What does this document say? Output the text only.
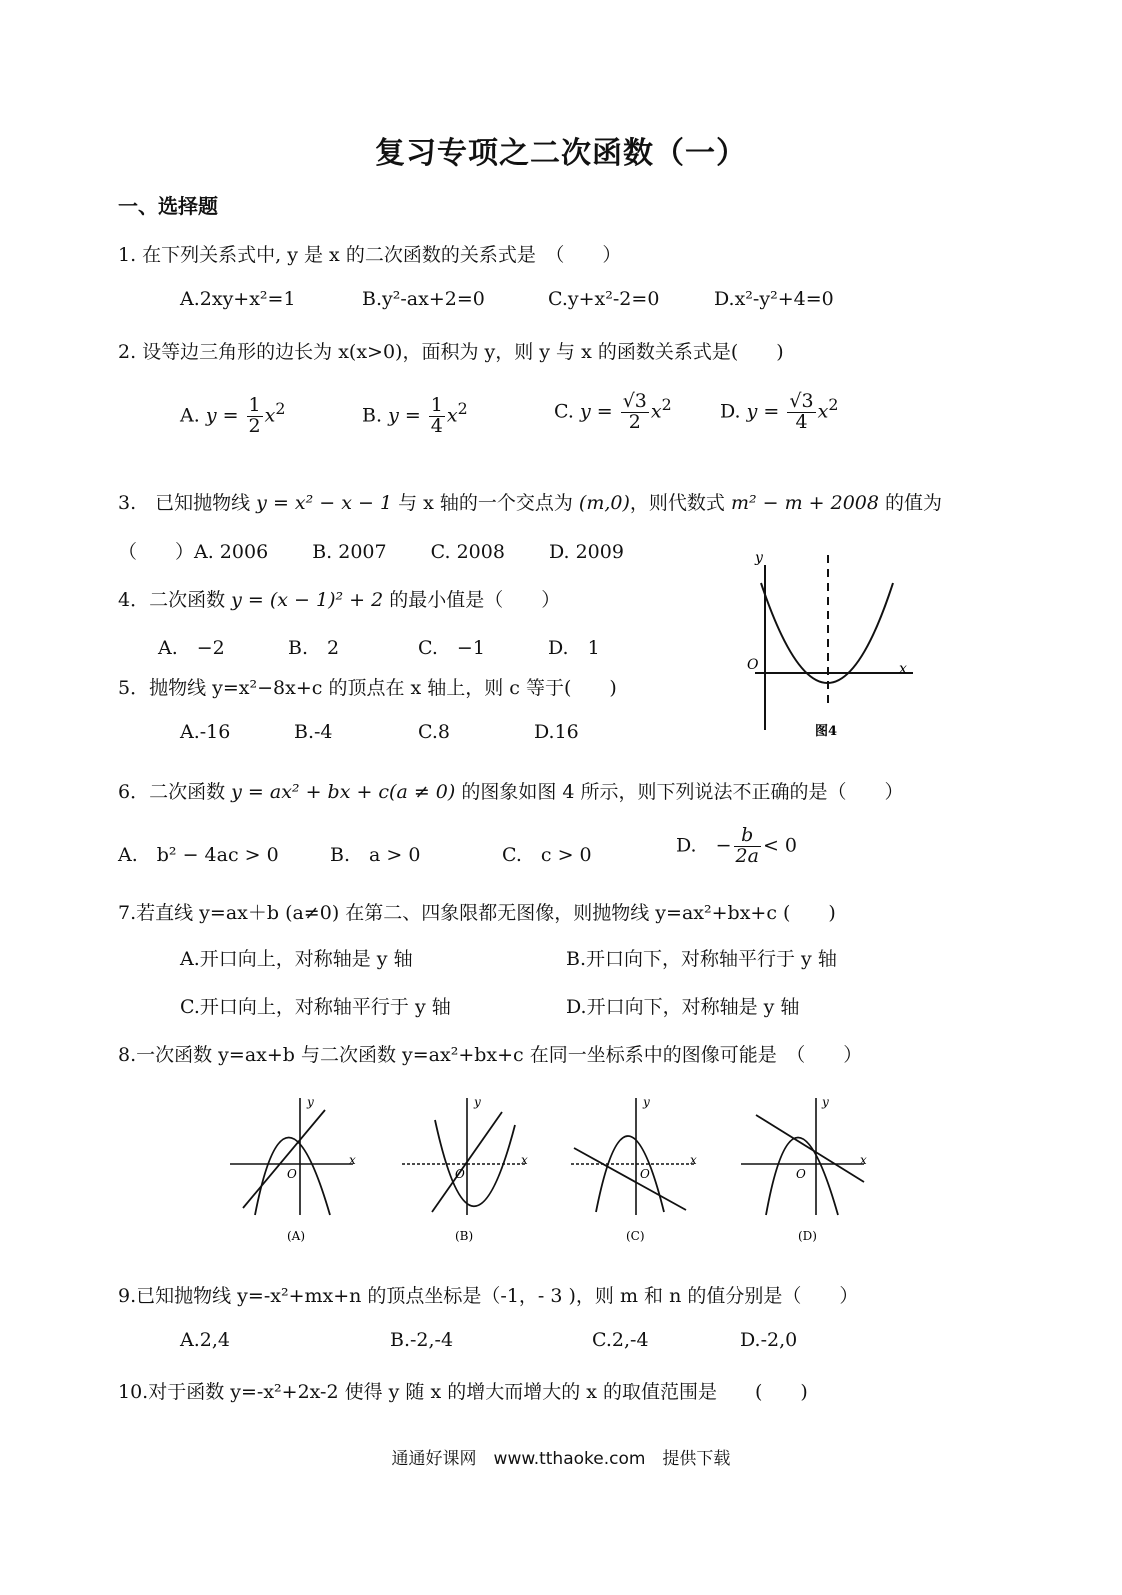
复习专项之二次函数（一）
一、选择题
1. 在下列关系式中, y 是 x 的二次函数的关系式是　（　　）
A.2xy+x²=1	B.y²-ax+2=0	C.y+x²-2=0	D.x²-y²+4=0
2. 设等边三角形的边长为 x(x>0)，面积为 y，则 y 与 x 的函数关系式是(　　)
A. $y = \frac{1}{2} x^2$	B. $y = \frac{1}{4} x^2$	C. $y = \frac{√3}{2} x^2$	D. $y = \frac{√3}{4} x^2$
3.　已知抛物线 y = x² − x − 1 与 x 轴的一个交点为 (m,0)，则代数式 m² − m + 2008 的值为
（　　）A. 2006　　 B. 2007　　 C. 2008　　 D. 2009
4．二次函数 y = (x − 1)² + 2 的最小值是（　　）
A.　−2	B.　2	C.　−1	D.　1
y
x
O
图4
5．抛物线 y=x²−8x+c 的顶点在 x 轴上，则 c 等于(　　)
A.-16	B.-4	C.8	D.16
6．二次函数 y = ax² + bx + c(a ≠ 0) 的图象如图 4 所示，则下列说法不正确的是（　　）
A.　b² − 4ac > 0	B.　a > 0	C.　c > 0	D.　− $\frac{b}{2a} < 0$
7.若直线 y=ax＋b (a≠0) 在第二、四象限都无图像，则抛物线 y=ax²+bx+c (　　)
A.开口向上，对称轴是 y 轴	B.开口向下，对称轴平行于 y 轴
C.开口向上，对称轴平行于 y 轴	D.开口向下，对称轴是 y 轴
8.一次函数 y=ax+b 与二次函数 y=ax²+bx+c 在同一坐标系中的图像可能是　（　　）
y
x
O
(A)
y
x
O
(B)
y
x
O
(C)
y
x
O
(D)
9.已知抛物线 y=-x²+mx+n 的顶点坐标是（-1，- 3 )，则 m 和 n 的值分别是（　　）
A.2,4	B.-2,-4	C.2,-4	D.-2,0
10.对于函数 y=-x²+2x-2 使得 y 随 x 的增大而增大的 x 的取值范围是　　(　　)
通通好课网　www.tthaoke.com　提供下载
